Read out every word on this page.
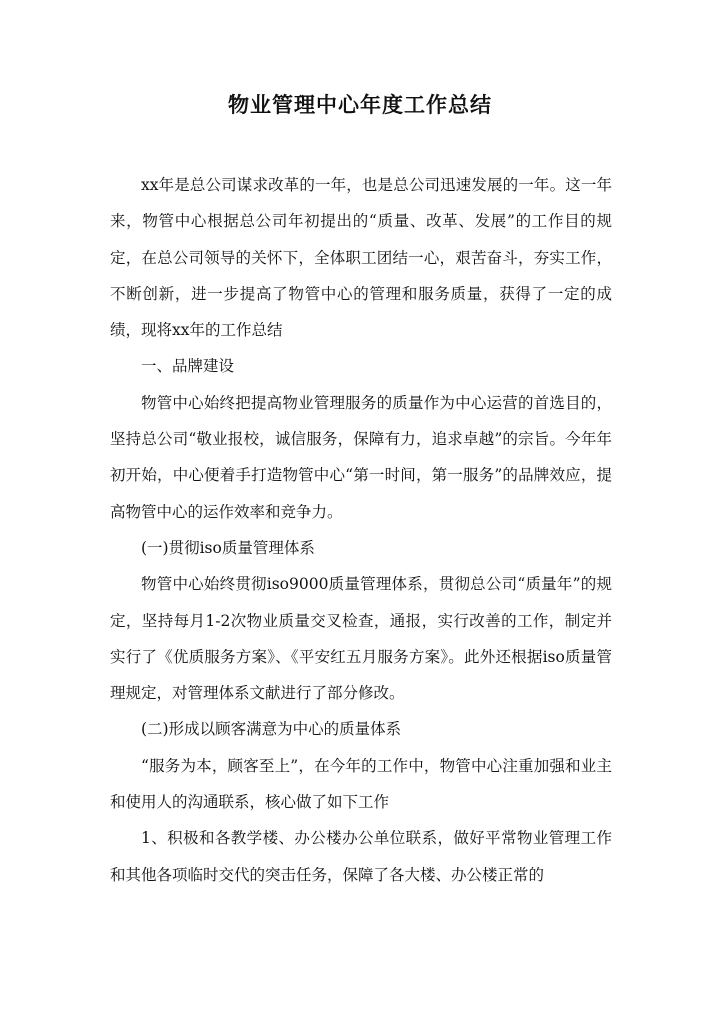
物业管理中心年度工作总结

xx年是总公司谋求改革的一年，也是总公司迅速发展的一年。这一年来，物管中心根据总公司年初提出的“质量、改革、发展”的工作目的规定，在总公司领导的关怀下，全体职工团结一心，艰苦奋斗，夯实工作，不断创新，进一步提高了物管中心的管理和服务质量，获得了一定的成绩，现将xx年的工作总结

一、品牌建设

物管中心始终把提高物业管理服务的质量作为中心运营的首选目的，坚持总公司“敬业报校，诚信服务，保障有力，追求卓越”的宗旨。今年年初开始，中心便着手打造物管中心“第一时间，第一服务”的品牌效应，提高物管中心的运作效率和竞争力。

(一)贯彻iso质量管理体系

物管中心始终贯彻iso9000质量管理体系，贯彻总公司“质量年”的规定，坚持每月1-2次物业质量交叉检查，通报，实行改善的工作，制定并实行了《优质服务方案》、《平安红五月服务方案》。此外还根据iso质量管理规定，对管理体系文献进行了部分修改。

(二)形成以顾客满意为中心的质量体系

“服务为本，顾客至上”，在今年的工作中，物管中心注重加强和业主和使用人的沟通联系，核心做了如下工作

1、积极和各教学楼、办公楼办公单位联系，做好平常物业管理工作和其他各项临时交代的突击任务，保障了各大楼、办公楼正常的
